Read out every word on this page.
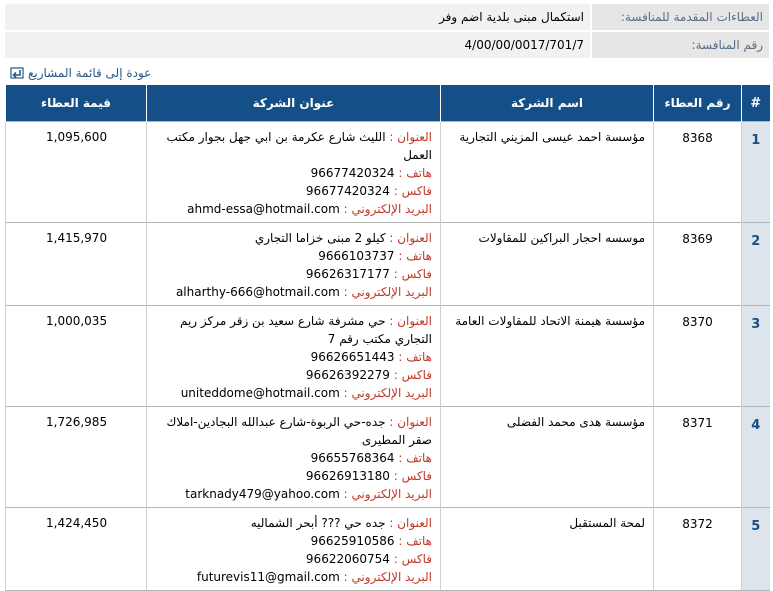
العطاءات المقدمة للمنافسة:	استكمال مبنى بلدية اضم وفر
رقم المنافسة:	4/00/00/0017/701/7
عودة إلى قائمة المشاريع
#	رقم العطاء	اسم الشركة	عنوان الشركة	قيمة العطاء
1	8368	مؤسسة احمد عيسى المزيني التجارية	العنوان : الليث شارع عكرمة بن ابي جهل بجوار مكتب العمل
هاتف : 96677420324
فاكس : 96677420324
البريد الإلكتروني : ahmd-essa@hotmail.com	1,095,600
2	8369	موسسه احجار البراكين للمقاولات	العنوان : كيلو 2 مبنى خزاما التجاري
هاتف : 9666103737
فاكس : 96626317177
البريد الإلكتروني : alharthy-666@hotmail.com	1,415,970
3	8370	مؤسسة هيمنة الاتحاد للمقاولات العامة	العنوان : حي مشرفة شارع سعيد بن زقر مركز ريم التجاري مكتب رقم 7
هاتف : 96626651443
فاكس : 96626392279
البريد الإلكتروني : uniteddome@hotmail.com	1,000,035
4	8371	مؤسسة هدى محمد الفضلى	العنوان : جده-حي الربوة-شارع عبدالله البجادين-املاك صقر المطيرى
هاتف : 96655768364
فاكس : 96626913180
البريد الإلكتروني : tarknady479@yahoo.com	1,726,985
5	8372	لمحة المستقبل	العنوان : جده حي ??? أبحر الشماليه
هاتف : 96625910586
فاكس : 96622060754
البريد الإلكتروني : futurevis11@gmail.com	1,424,450
